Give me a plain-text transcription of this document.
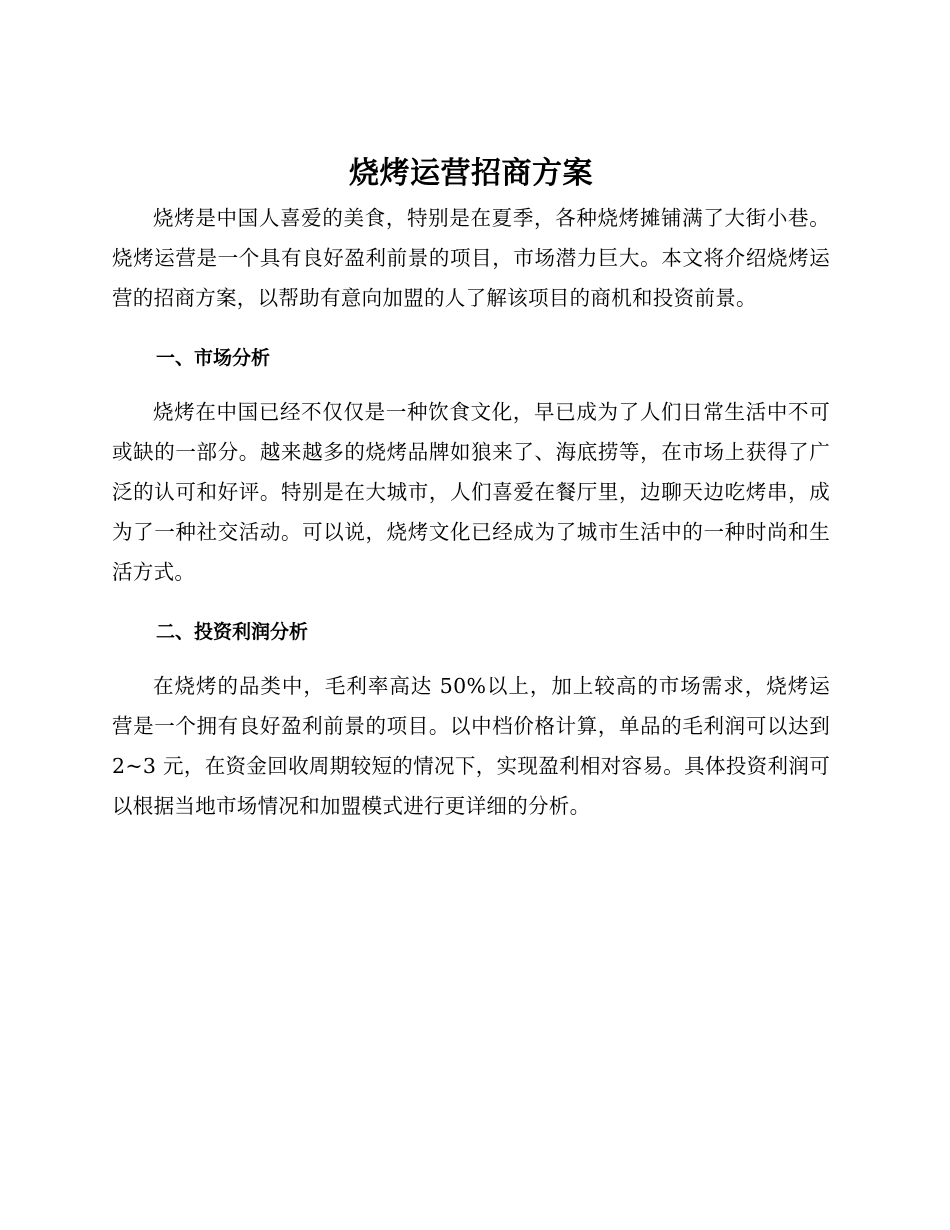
烧烤运营招商方案

烧烤是中国人喜爱的美食，特别是在夏季，各种烧烤摊铺满了大街小巷。烧烤运营是一个具有良好盈利前景的项目，市场潜力巨大。本文将介绍烧烤运营的招商方案，以帮助有意向加盟的人了解该项目的商机和投资前景。

一、市场分析

烧烤在中国已经不仅仅是一种饮食文化，早已成为了人们日常生活中不可或缺的一部分。越来越多的烧烤品牌如狼来了、海底捞等，在市场上获得了广泛的认可和好评。特别是在大城市，人们喜爱在餐厅里，边聊天边吃烤串，成为了一种社交活动。可以说，烧烤文化已经成为了城市生活中的一种时尚和生活方式。

二、投资利润分析

在烧烤的品类中，毛利率高达 50%以上，加上较高的市场需求，烧烤运营是一个拥有良好盈利前景的项目。以中档价格计算，单品的毛利润可以达到 2~3 元，在资金回收周期较短的情况下，实现盈利相对容易。具体投资利润可以根据当地市场情况和加盟模式进行更详细的分析。
